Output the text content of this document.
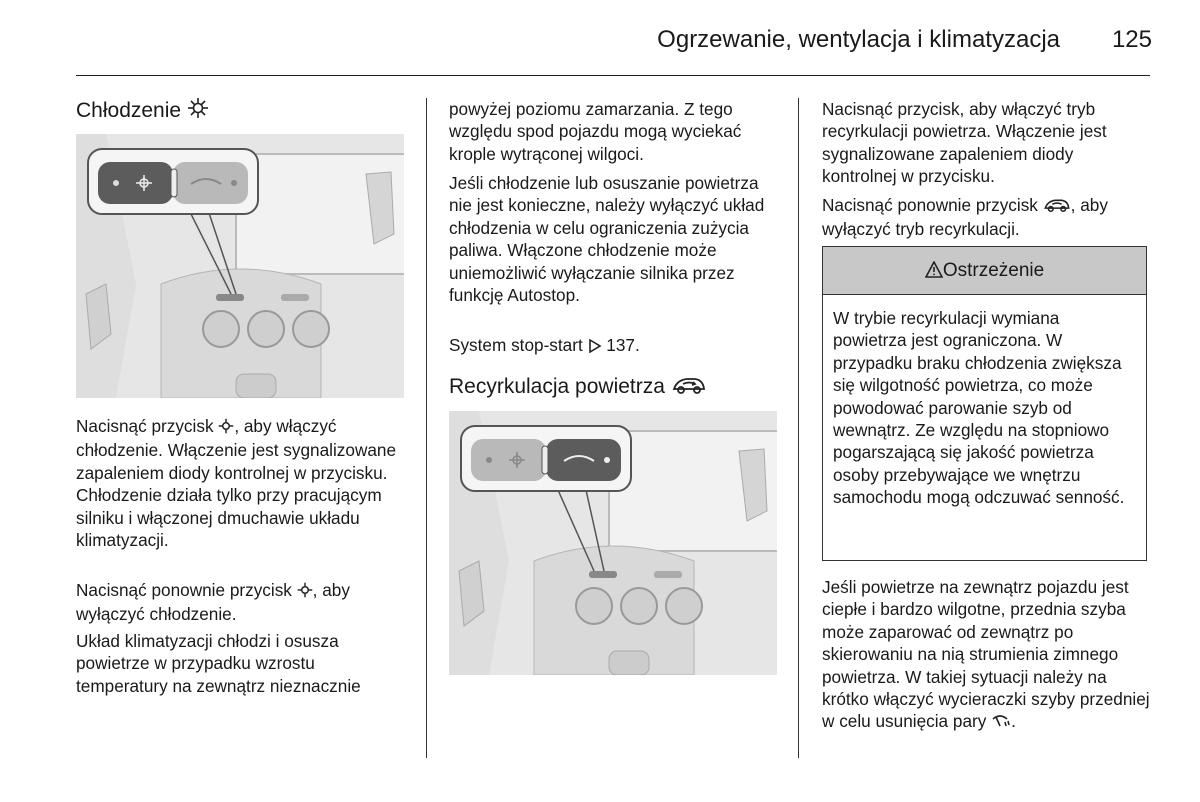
Ogrzewanie, wentylacja i klimatyzacja	125
Chłodzenie

Nacisnąć przycisk , aby włączyć chłodzenie. Włączenie jest sygnalizowane zapaleniem diody kontrolnej w przycisku. Chłodzenie działa tylko przy pracującym silniku i włączonej dmuchawie układu klimatyzacji.

Nacisnąć ponownie przycisk , aby wyłączyć chłodzenie.

Układ klimatyzacji chłodzi i osusza powietrze w przypadku wzrostu temperatury na zewnątrz nieznacznie

powyżej poziomu zamarzania. Z tego względu spod pojazdu mogą wyciekać krople wytrąconej wilgoci.

Jeśli chłodzenie lub osuszanie powietrza nie jest konieczne, należy wyłączyć układ chłodzenia w celu ograniczenia zużycia paliwa. Włączone chłodzenie może uniemożliwić wyłączanie silnika przez funkcję Autostop.

System stop-start  137.

Recyrkulacja powietrza

Nacisnąć przycisk, aby włączyć tryb recyrkulacji powietrza. Włączenie jest sygnalizowane zapaleniem diody kontrolnej w przycisku.

Nacisnąć ponownie przycisk , aby wyłączyć tryb recyrkulacji.

Ostrzeżenie
W trybie recyrkulacji wymiana powietrza jest ograniczona. W przypadku braku chłodzenia zwiększa się wilgotność powietrza, co może powodować parowanie szyb od wewnątrz. Ze względu na stopniowo pogarszającą się jakość powietrza osoby przebywające we wnętrzu samochodu mogą odczuwać senność.

Jeśli powietrze na zewnątrz pojazdu jest ciepłe i bardzo wilgotne, przednia szyba może zaparować od zewnątrz po skierowaniu na nią strumienia zimnego powietrza. W takiej sytuacji należy na krótko włączyć wycieraczki szyby przedniej w celu usunięcia pary .
